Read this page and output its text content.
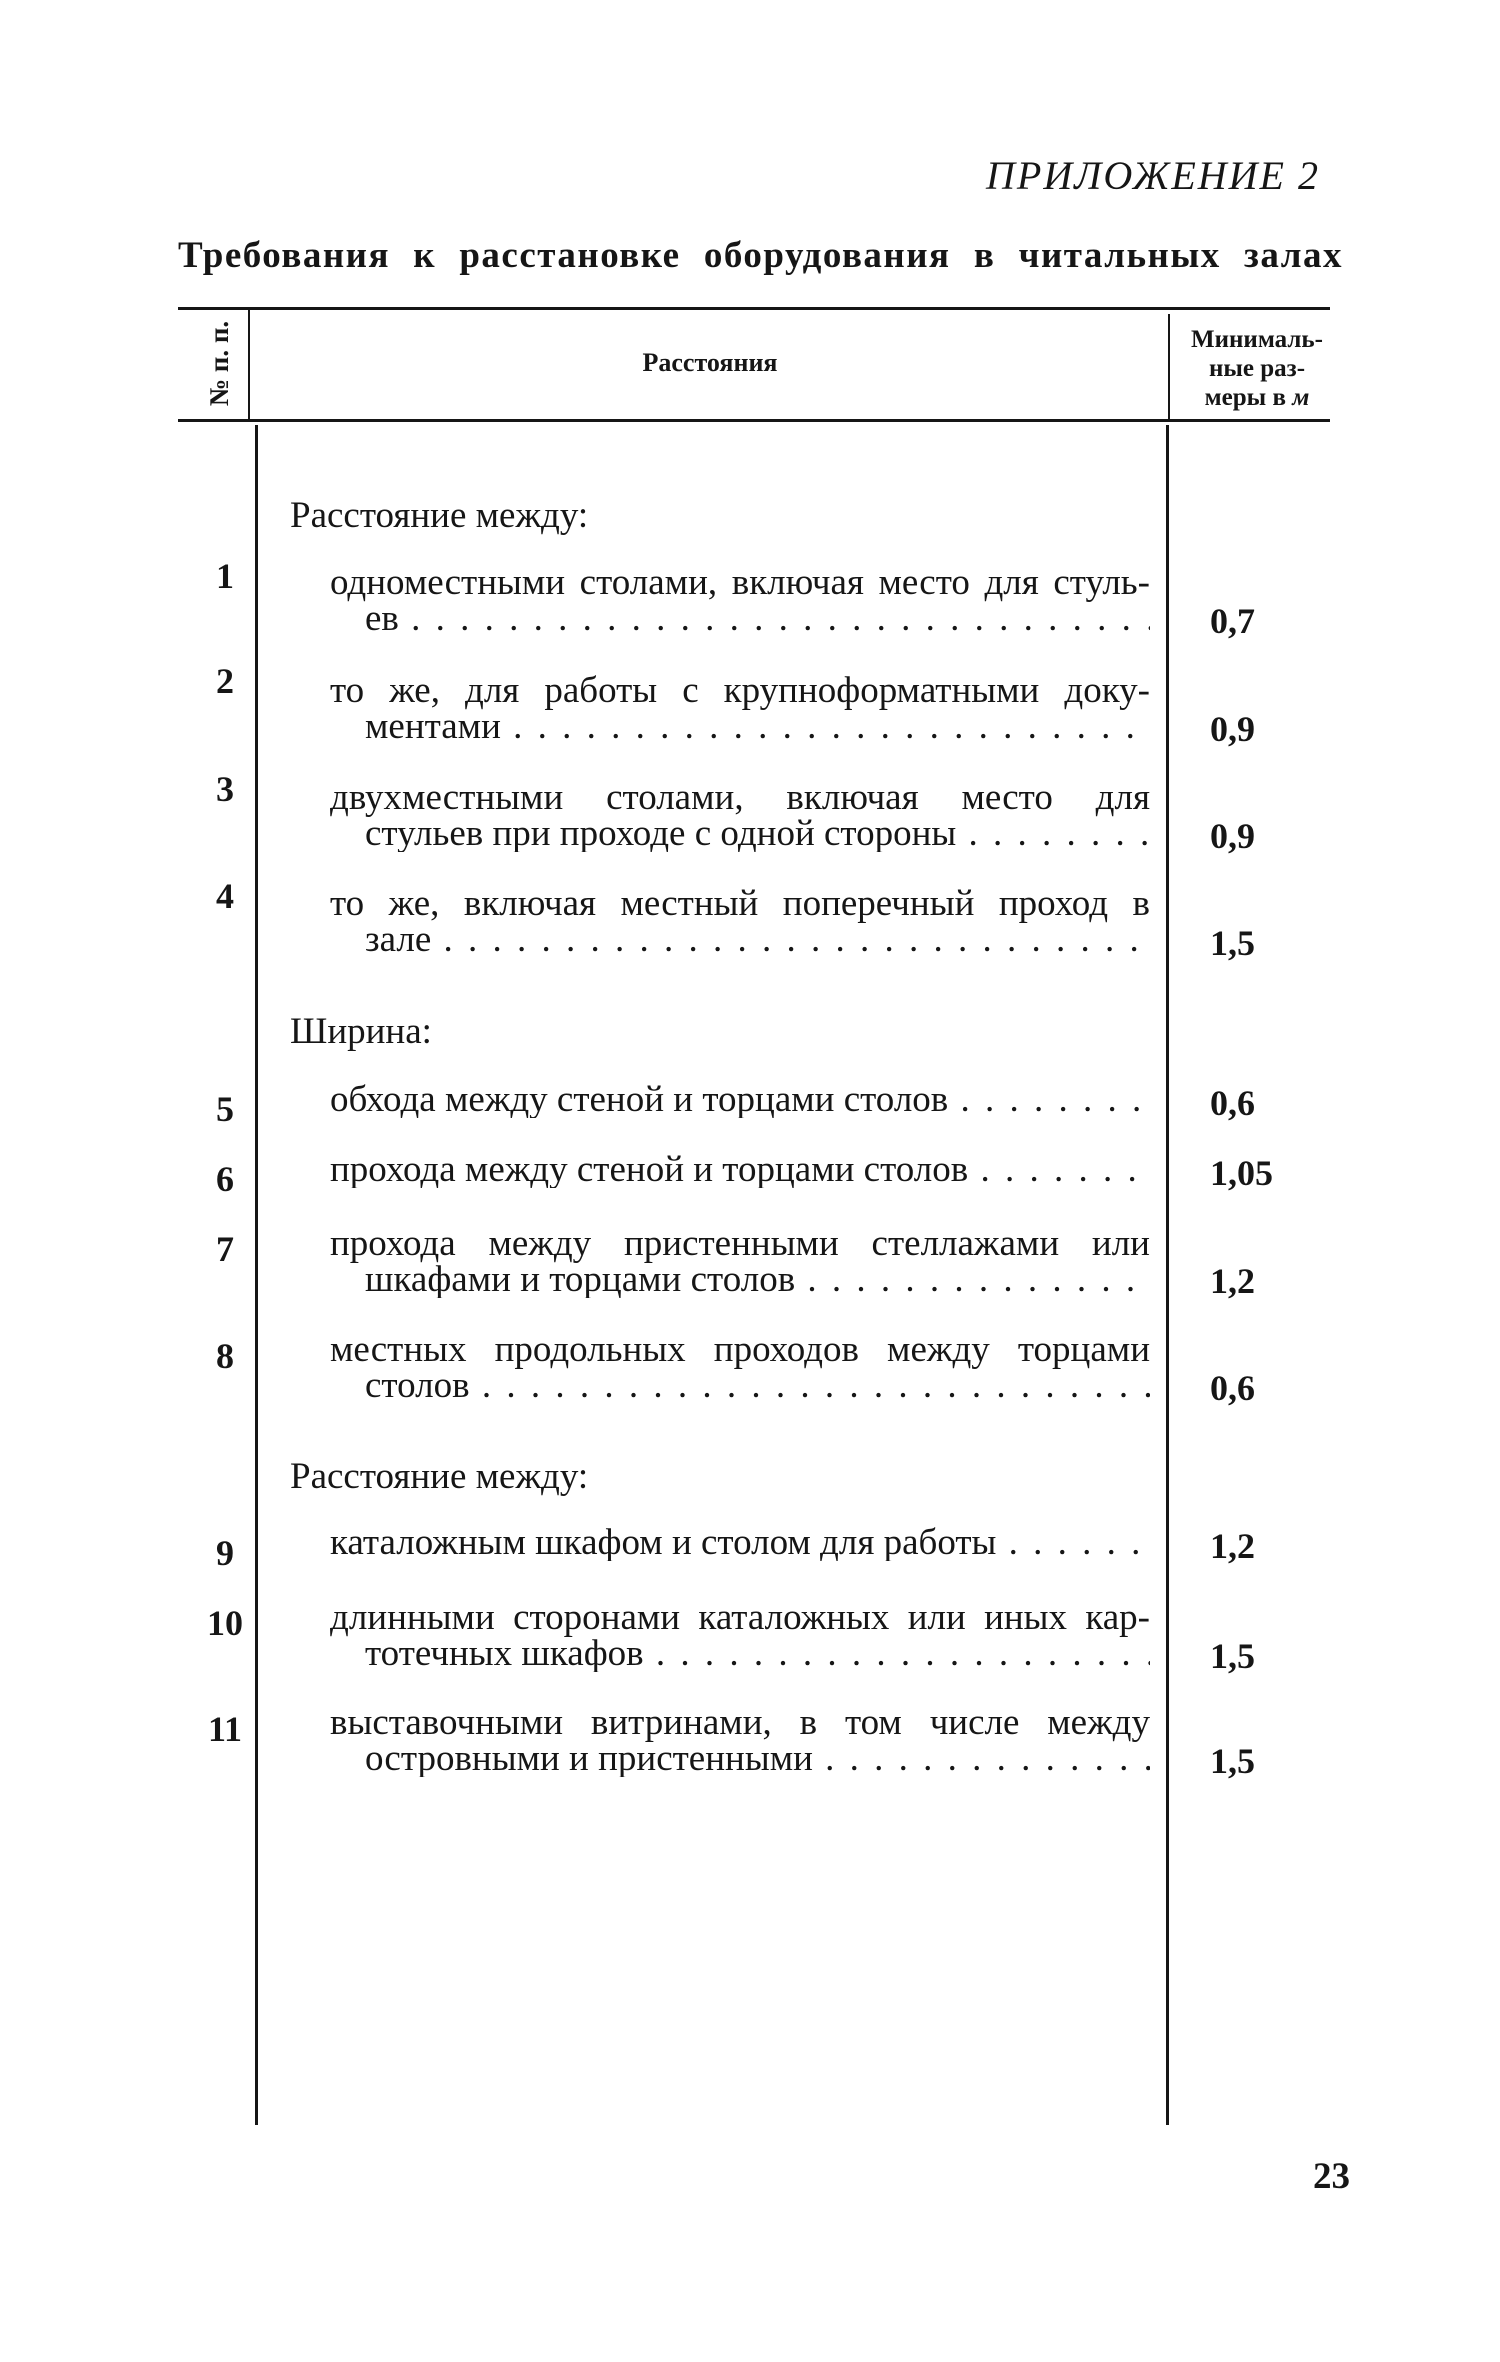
ПРИЛОЖЕНИЕ 2
Требования к расстановке оборудования в читальных залах
№ п. п.	Расстояния
Минималь-
ные раз-
меры в м
Расстояние между:
1	одноместными столами, включая место для стуль-
ев . . .	0,7
2	то же, для работы с крупноформатными доку-
ментами . . .	0,9
3	двухместными столами, включая место для
стульев при проходе с одной стороны . . .	0,9
4	то же, включая местный поперечный проход в
зале . . .	1,5
Ширина:
5	обхода между стеной и торцами столов . . .	0,6
6	прохода между стеной и торцами столов . . .	1,05
7	прохода между пристенными стеллажами или
шкафами и торцами столов . . .	1,2
8	местных продольных проходов между торцами
столов . . .	0,6
Расстояние между:
9	каталожным шкафом и столом для работы . . .	1,2
10	длинными сторонами каталожных или иных кар-
тотечных шкафов . . .	1,5
11	выставочными витринами, в том числе между
островными и пристенными . . .	1,5
23
